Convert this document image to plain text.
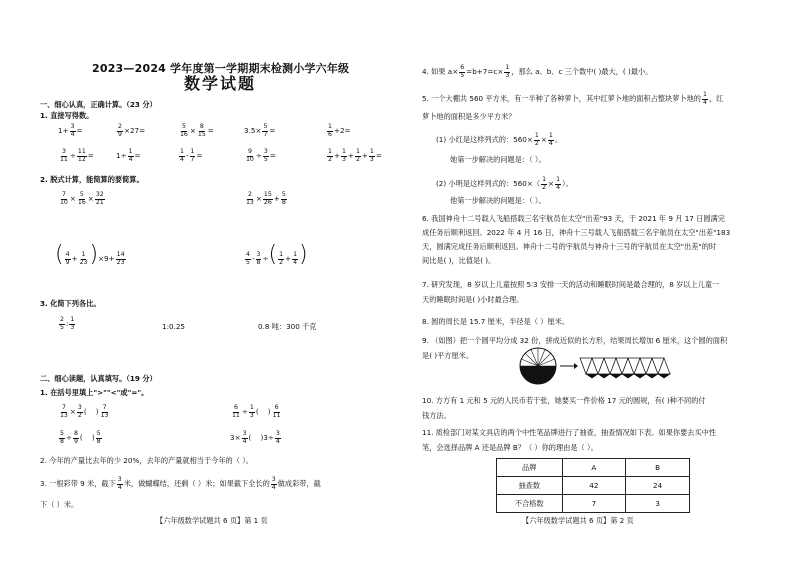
2023—2024 学年度第一学期期末检测小学六年级
数学试题
一、细心认真，正确计算。（23 分）
1. 直接写得数。
$1+ \frac{3}{4}$ =	$\frac{2}{9} \times 27=$	$\frac{5}{16} \times \frac{8}{15}$ =	$3.5\times \frac{5}{7}$ =	$\frac{1}{6} +2=$
$\frac{3}{11} \div \frac{11}{12}$ =	$1\div \frac{1}{4}$ =	$\frac{1}{4} - \frac{1}{7}$ =	$\frac{9}{10} \div \frac{3}{5}$ =	$\frac{1}{2} + \frac{1}{3} + \frac{1}{2} + \frac{1}{3}$ =
2. 脱式计算，能简算的要简算。
$\frac{7}{10} \times \frac{5}{16} \times \frac{32}{21}$	$\frac{2}{13} \times \frac{15}{26} + \frac{5}{8}$
( $\frac{4}{9} + \frac{1}{23} )\times 9+ \frac{14}{23}$	$\frac{4}{5} - \frac{3}{8}$ ÷( $\frac{1}{2} + \frac{1}{4}$ )
3. 化简下列各比。
$\frac{2}{5}$ : $\frac{1}{3}$	1:0.25	0.8 吨：300 千克
二、细心读题，认真填写。（19 分）
1. 在括号里填上">""<"或"="。
$\frac{7}{13} \times \frac{3}{2}$ ( ) $\frac{7}{13}$	$\frac{6}{11} \div \frac{1}{3}$ ( ) $\frac{6}{11}$
$\frac{5}{8} \div \frac{8}{9}$ ( ) $\frac{5}{8}$	$3\times \frac{3}{4}$ ( )$3\div \frac{3}{4}$
2. 今年的产量比去年的少 20%，去年的产量就相当于今年的（ ）。
3. 一根彩带 9 米，截下 $\frac{3}{4}$ 米，做蝴蝶结，还剩（ ）米；如果截下全长的 $\frac{3}{4}$ 做成彩带，截
下（ ）米。
【六年级数学试题共 6 页】第 1 页
4. 如果 $a\times \frac{6}{5} =b+7=c\times \frac{1}{3}$ ，那么 a、b、c 三个数中( )最大，( )最小。
5. 一个大棚共 560 平方米，有一半种了各种萝卜，其中红萝卜地的面积占整块萝卜地的 $\frac{1}{4}$ ，红
萝卜地的面积是多少平方米？
(1) 小红是这样列式的：$560\times \frac{1}{2} \times \frac{1}{4}$ 。
她第一步解决的问题是：（ ）。
(2) 小明是这样列式的：$560\times( \frac{1}{2} \times \frac{1}{4}$ ）。
他第一步解决的问题是：（ ）。
6. 我国神舟十二号载人飞船搭载三名宇航员在太空"出差"93 天，于 2021 年 9 月 17 日圆满完
成任务后顺利返回。2022 年 4 月 16 日，神舟十三号载人飞船搭载三名宇航员在太空"出差"183
天，圆满完成任务后顺利返回。神舟十二号的宇航员与神舟十三号的宇航员在太空"出差"的时
间比是( )，比值是( )。
7. 研究发现，8 岁以上儿童按照 5∶3 安排一天的活动和睡眠时间是最合理的，8 岁以上儿童一
天的睡眠时间是( )小时最合理。
8. 圆的周长是 15.7 厘米，半径是（ ）厘米。
9. （如图）把一个圆平均分成 32 份，拼成近似的长方形，结果周长增加 6 厘米，这个圆的面积
是( )平方厘米。
10. 方方有 1 元和 5 元的人民币若干张，她要买一件价格 17 元的圆规，有( )种不同的付
钱方法。
11. 质检部门对某文具店的两个中性笔品牌进行了抽查，抽查情况如下表。如果你要去买中性
笔，会选择品牌 A 还是品牌 B？（ ）你的理由是（ ）。
品牌	A	B
抽查数	42	24
不合格数	7	3
【六年级数学试题共 6 页】第 2 页
